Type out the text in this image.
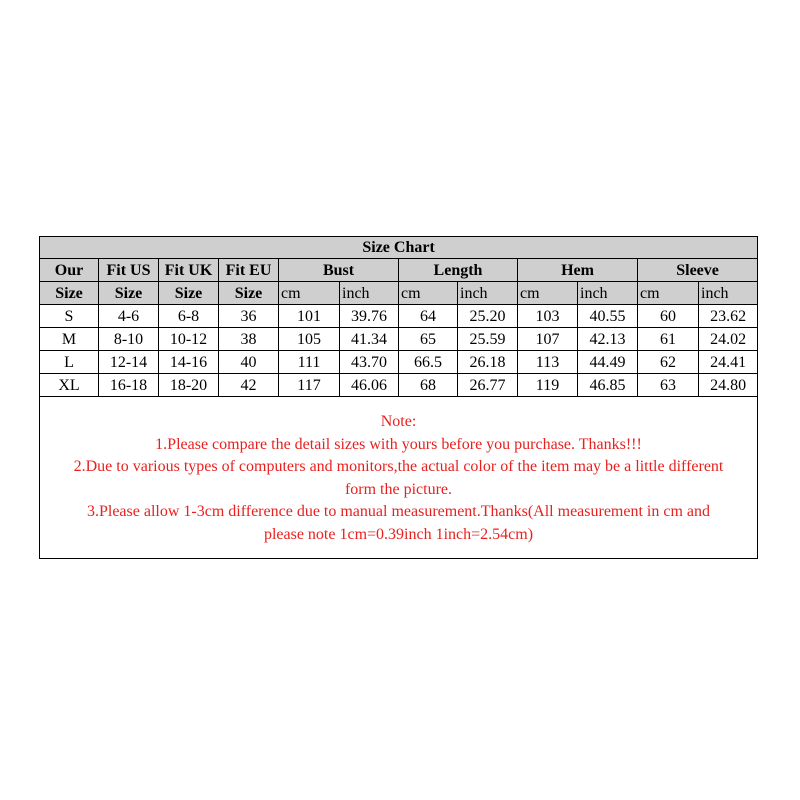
Size Chart											
Our	Fit US	Fit UK	Fit EU	Bust		Length		Hem		Sleeve	
Size	Size	Size	Size	cm	inch	cm	inch	cm	inch	cm	inch
S	4-6	6-8	36	101	39.76	64	25.20	103	40.55	60	23.62
M	8-10	10-12	38	105	41.34	65	25.59	107	42.13	61	24.02
L	12-14	14-16	40	111	43.70	66.5	26.18	113	44.49	62	24.41
XL	16-18	18-20	42	117	46.06	68	26.77	119	46.85	63	24.80
Note:
1.Please compare the detail sizes with yours before you purchase. Thanks!!!
2.Due to various types of computers and monitors,the actual color of the item may be a little different
form the picture.
3.Please allow 1-3cm difference due to manual measurement.Thanks(All measurement in cm and
please note 1cm=0.39inch 1inch=2.54cm)
